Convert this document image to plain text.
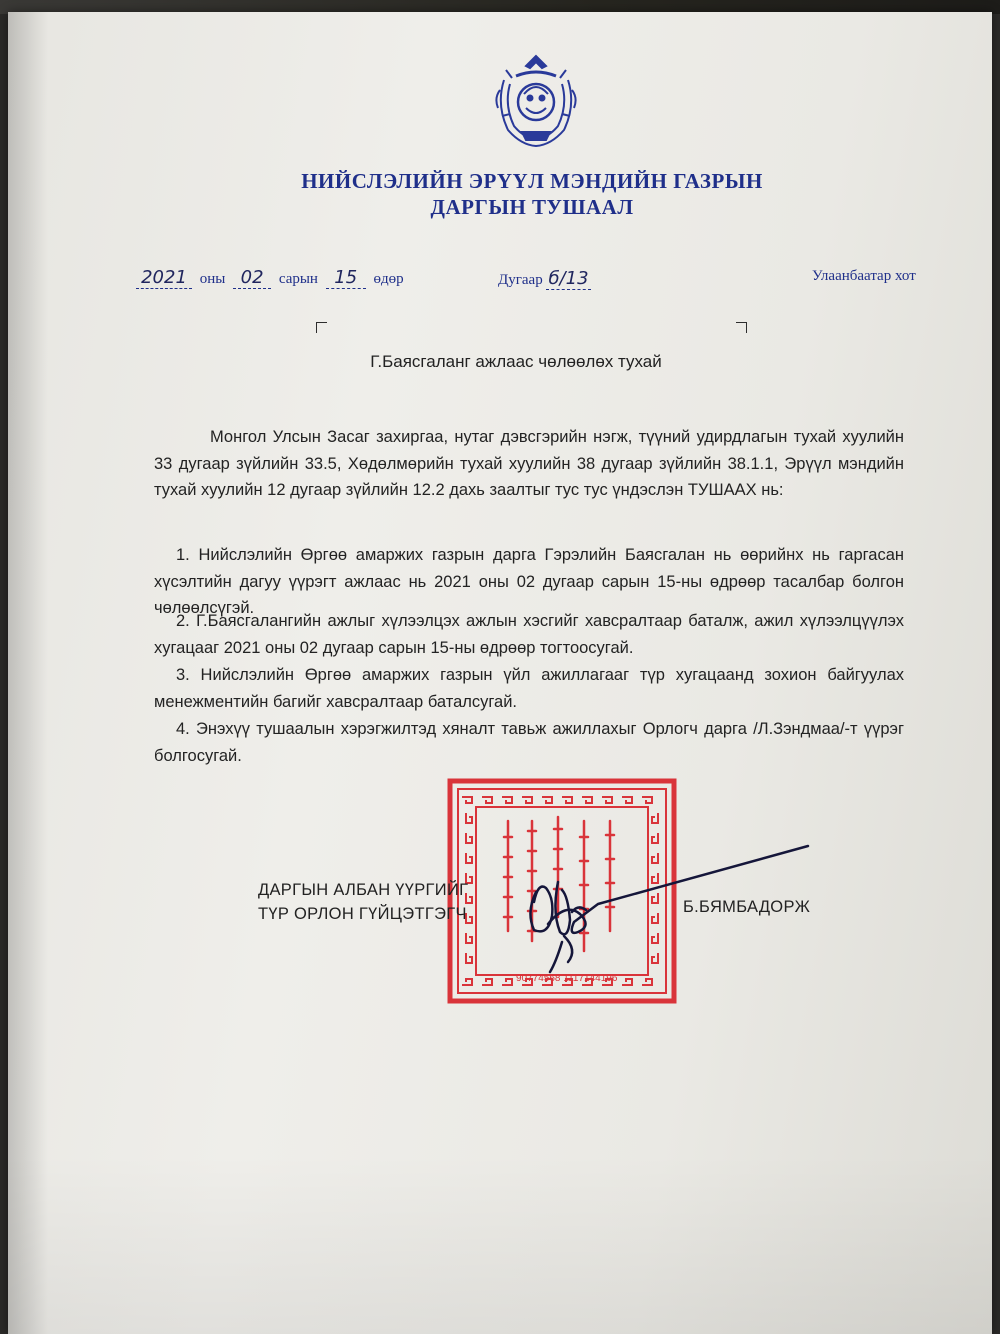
НИЙСЛЭЛИЙН ЭРҮҮЛ МЭНДИЙН ГАЗРЫН
ДАРГЫН ТУШААЛ
2021 оны 02 сарын 15 өдөр	Дугаар б/13	Улаанбаатар хот
Г.Баясгаланг ажлаас чөлөөлөх тухай
Монгол Улсын Засаг захиргаа, нутаг дэвсгэрийн нэгж, түүний удирдлагын тухай хуулийн 33 дугаар зүйлийн 33.5, Хөдөлмөрийн тухай хуулийн 38 дугаар зүйлийн 38.1.1, Эрүүл мэндийн тухай хуулийн 12 дугаар зүйлийн 12.2 дахь заалтыг тус тус үндэслэн ТУШААХ нь:
1. Нийслэлийн Өргөө амаржих газрын дарга Гэрэлийн Баясгалан нь өөрийнх нь гаргасан хүсэлтийн дагуу үүрэгт ажлаас нь 2021 оны 02 дугаар сарын 15-ны өдрөөр тасалбар болгон чөлөөлсүгэй.
2. Г.Баясгалангийн ажлыг хүлээлцэх ажлын хэсгийг хавсралтаар баталж, ажил хүлээлцүүлэх хугацааг 2021 оны 02 дугаар сарын 15-ны өдрөөр тогтоосугай.
3. Нийслэлийн Өргөө амаржих газрын үйл ажиллагааг түр хугацаанд зохион байгуулах менежментийн багийг хавсралтаар баталсугай.
4. Энэхүү тушаалын хэрэгжилтэд хяналт тавьж ажиллахыг Орлогч дарга /Л.Зэндмаа/-т үүрэг болгосугай.
90774568 1117144196
ДАРГЫН АЛБАН ҮҮРГИЙГ
ТҮР ОРЛОН ГҮЙЦЭТГЭГЧ	Б.БЯМБАДОРЖ
